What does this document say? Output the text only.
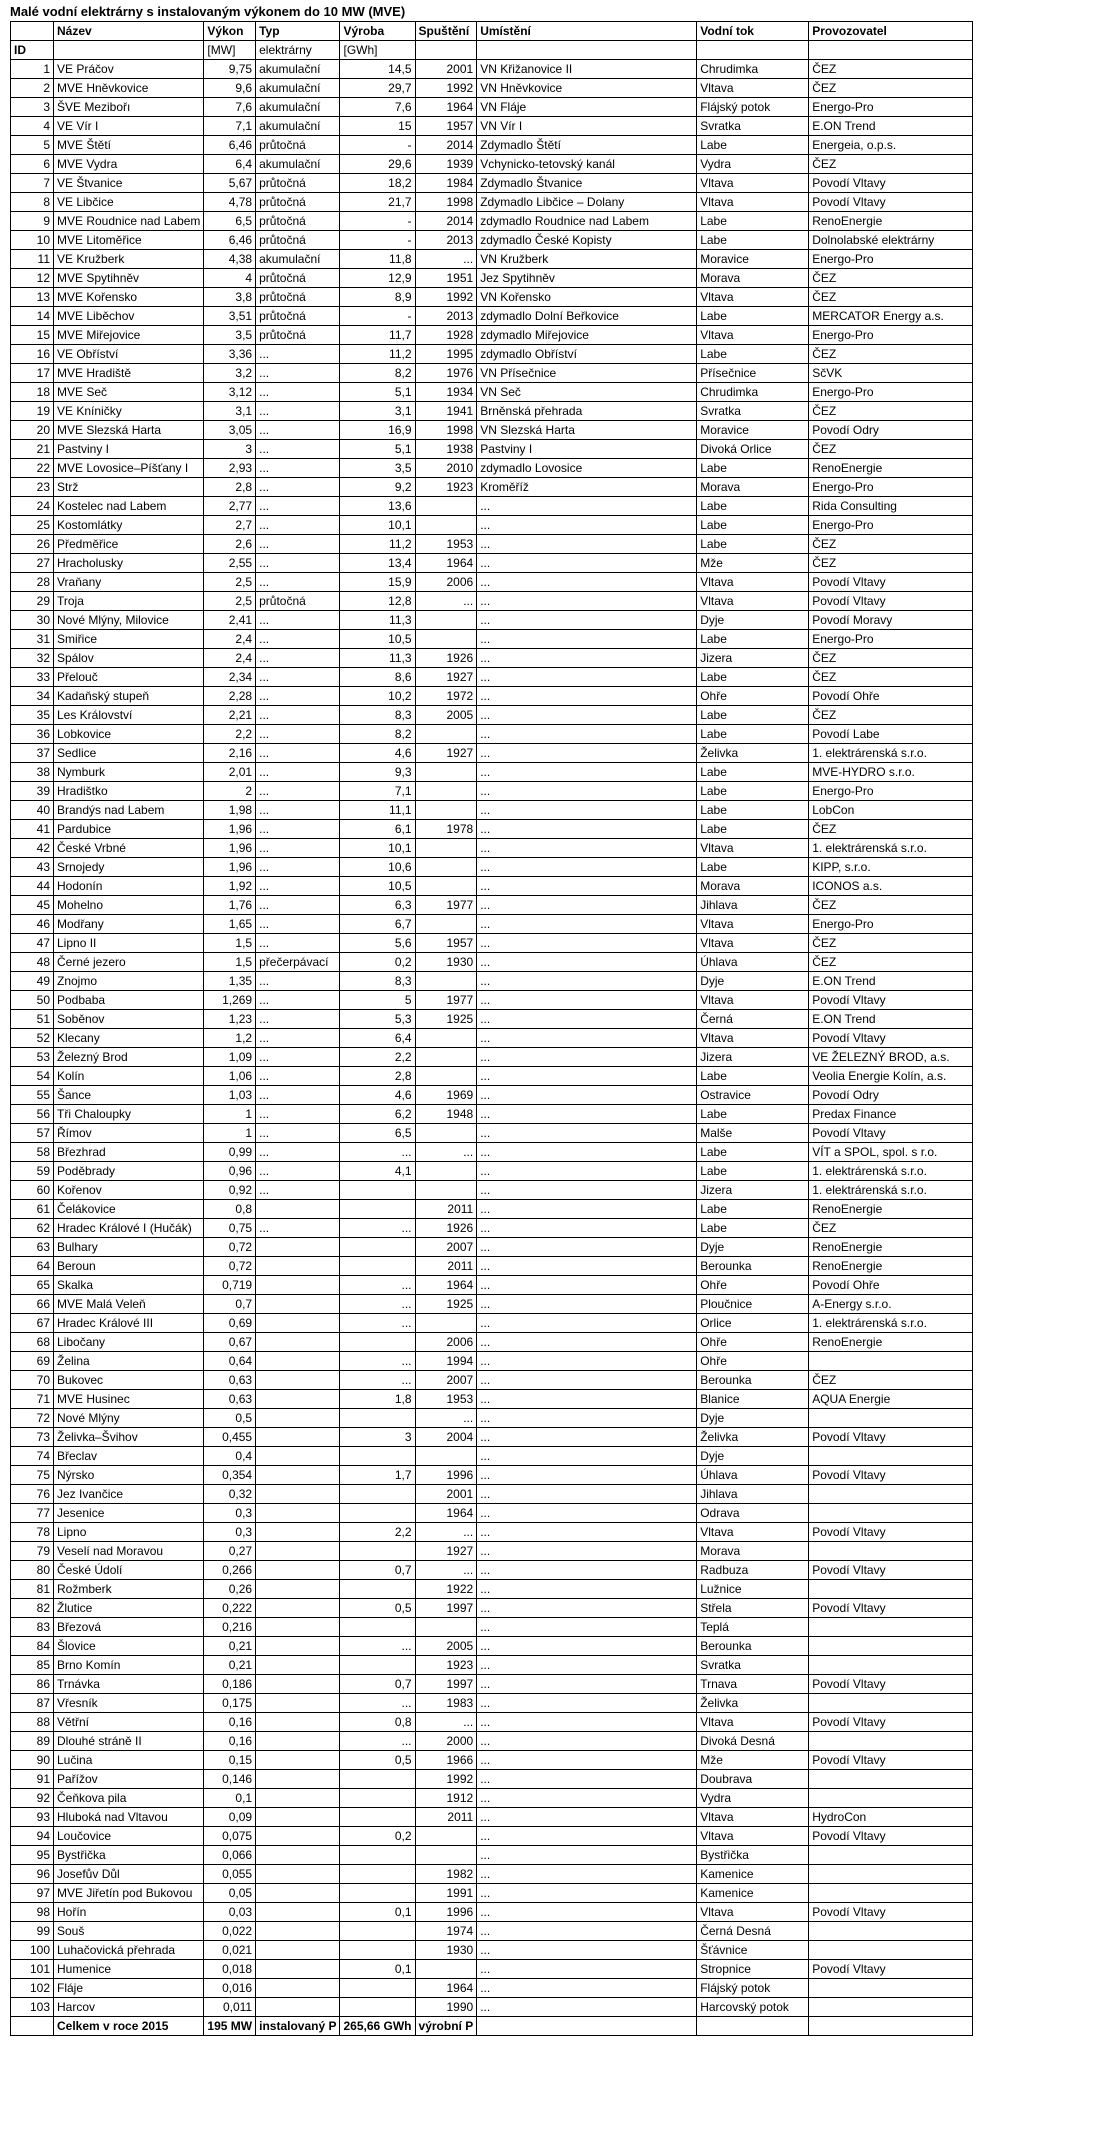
Malé vodní elektrárny s instalovaným výkonem do 10 MW (MVE)
	Název	Výkon	Typ	Výroba	Spuštění	Umístění	Vodní tok	Provozovatel
ID		[MW]	elektrárny	[GWh]				
1	VE Práčov	9,75	akumulační	14,5	2001	VN Křižanovice II	Chrudimka	ČEZ
2	MVE Hněvkovice	9,6	akumulační	29,7	1992	VN Hněvkovice	Vltava	ČEZ
3	ŠVE Mezibořı	7,6	akumulační	7,6	1964	VN Fláje	Flájský potok	Energo-Pro
4	VE Vír I	7,1	akumulační	15	1957	VN Vír I	Svratka	E.ON Trend
5	MVE Štětí	6,46	průtočná	-	2014	Zdymadlo Štětí	Labe	Energeia, o.p.s.
6	MVE Vydra	6,4	akumulační	29,6	1939	Vchynicko-tetovský kanál	Vydra	ČEZ
7	VE Štvanice	5,67	průtočná	18,2	1984	Zdymadlo Štvanice	Vltava	Povodí Vltavy
8	VE Libčice	4,78	průtočná	21,7	1998	Zdymadlo Libčice – Dolany	Vltava	Povodí Vltavy
9	MVE Roudnice nad Labem	6,5	průtočná	-	2014	zdymadlo Roudnice nad Labem	Labe	RenoEnergie
10	MVE Litoměřice	6,46	průtočná	-	2013	zdymadlo České Kopisty	Labe	Dolnolabské elektrárny
11	VE Kružberk	4,38	akumulační	11,8	...	VN Kružberk	Moravice	Energo-Pro
12	MVE Spytihněv	4	průtočná	12,9	1951	Jez Spytihněv	Morava	ČEZ
13	MVE Kořensko	3,8	průtočná	8,9	1992	VN Kořensko	Vltava	ČEZ
14	MVE Liběchov	3,51	průtočná	-	2013	zdymadlo Dolní Beřkovice	Labe	MERCATOR Energy a.s.
15	MVE Miřejovice	3,5	průtočná	11,7	1928	zdymadlo Miřejovice	Vltava	Energo-Pro
16	VE Obříství	3,36	...	11,2	1995	zdymadlo Obříství	Labe	ČEZ
17	MVE Hradiště	3,2	...	8,2	1976	VN Přísečnice	Přísečnice	SčVK
18	MVE Seč	3,12	...	5,1	1934	VN Seč	Chrudimka	Energo-Pro
19	VE Kníničky	3,1	...	3,1	1941	Brněnská přehrada	Svratka	ČEZ
20	MVE Slezská Harta	3,05	...	16,9	1998	VN Slezská Harta	Moravice	Povodí Odry
21	Pastviny I	3	...	5,1	1938	Pastviny I	Divoká Orlice	ČEZ
22	MVE Lovosice–Píšťany I	2,93	...	3,5	2010	zdymadlo Lovosice	Labe	RenoEnergie
23	Strž	2,8	...	9,2	1923	Kroměříž	Morava	Energo-Pro
24	Kostelec nad Labem	2,77	...	13,6		...	Labe	Rida Consulting
25	Kostomlátky	2,7	...	10,1		...	Labe	Energo-Pro
26	Předměřice	2,6	...	11,2	1953	...	Labe	ČEZ
27	Hracholusky	2,55	...	13,4	1964	...	Mže	ČEZ
28	Vraňany	2,5	...	15,9	2006	...	Vltava	Povodí Vltavy
29	Troja	2,5	průtočná	12,8	...	...	Vltava	Povodí Vltavy
30	Nové Mlýny, Milovice	2,41	...	11,3		...	Dyje	Povodí Moravy
31	Smiřice	2,4	...	10,5		...	Labe	Energo-Pro
32	Spálov	2,4	...	11,3	1926	...	Jizera	ČEZ
33	Přelouč	2,34	...	8,6	1927	...	Labe	ČEZ
34	Kadaňský stupeň	2,28	...	10,2	1972	...	Ohře	Povodí Ohře
35	Les Království	2,21	...	8,3	2005	...	Labe	ČEZ
36	Lobkovice	2,2	...	8,2		...	Labe	Povodí Labe
37	Sedlice	2,16	...	4,6	1927	...	Želivka	1. elektrárenská s.r.o.
38	Nymburk	2,01	...	9,3		...	Labe	MVE-HYDRO s.r.o.
39	Hradištko	2	...	7,1		...	Labe	Energo-Pro
40	Brandýs nad Labem	1,98	...	11,1		...	Labe	LobCon
41	Pardubice	1,96	...	6,1	1978	...	Labe	ČEZ
42	České Vrbné	1,96	...	10,1		...	Vltava	1. elektrárenská s.r.o.
43	Srnojedy	1,96	...	10,6		...	Labe	KIPP, s.r.o.
44	Hodonín	1,92	...	10,5		...	Morava	ICONOS a.s.
45	Mohelno	1,76	...	6,3	1977	...	Jihlava	ČEZ
46	Modřany	1,65	...	6,7		...	Vltava	Energo-Pro
47	Lipno II	1,5	...	5,6	1957	...	Vltava	ČEZ
48	Černé jezero	1,5	přečerpávací	0,2	1930	...	Úhlava	ČEZ
49	Znojmo	1,35	...	8,3		...	Dyje	E.ON Trend
50	Podbaba	1,269	...	5	1977	...	Vltava	Povodí Vltavy
51	Soběnov	1,23	...	5,3	1925	...	Černá	E.ON Trend
52	Klecany	1,2	...	6,4		...	Vltava	Povodí Vltavy
53	Železný Brod	1,09	...	2,2		...	Jizera	VE ŽELEZNÝ BROD, a.s.
54	Kolín	1,06	...	2,8		...	Labe	Veolia Energie Kolín, a.s.
55	Šance	1,03	...	4,6	1969	...	Ostravice	Povodí Odry
56	Tři Chaloupky	1	...	6,2	1948	...	Labe	Predax Finance
57	Římov	1	...	6,5		...	Malše	Povodí Vltavy
58	Březhrad	0,99	...	...	...	...	Labe	VÍT a SPOL, spol. s r.o.
59	Poděbrady	0,96	...	4,1		...	Labe	1. elektrárenská s.r.o.
60	Kořenov	0,92	...			...	Jizera	1. elektrárenská s.r.o.
61	Čelákovice	0,8			2011	...	Labe	RenoEnergie
62	Hradec Králové I (Hučák)	0,75	...	...	1926	...	Labe	ČEZ
63	Bulhary	0,72			2007	...	Dyje	RenoEnergie
64	Beroun	0,72			2011	...	Berounka	RenoEnergie
65	Skalka	0,719		...	1964	...	Ohře	Povodí Ohře
66	MVE Malá Veleň	0,7		...	1925	...	Ploučnice	A-Energy s.r.o.
67	Hradec Králové III	0,69		...		...	Orlice	1. elektrárenská s.r.o.
68	Libočany	0,67			2006	...	Ohře	RenoEnergie
69	Želina	0,64		...	1994	...	Ohře	
70	Bukovec	0,63		...	2007	...	Berounka	ČEZ
71	MVE Husinec	0,63		1,8	1953	...	Blanice	AQUA Energie
72	Nové Mlýny	0,5			...	...	Dyje	
73	Želivka–Švihov	0,455		3	2004	...	Želivka	Povodí Vltavy
74	Břeclav	0,4				...	Dyje	
75	Nýrsko	0,354		1,7	1996	...	Úhlava	Povodí Vltavy
76	Jez Ivančice	0,32			2001	...	Jihlava	
77	Jesenice	0,3			1964	...	Odrava	
78	Lipno	0,3		2,2	...	...	Vltava	Povodí Vltavy
79	Veselí nad Moravou	0,27			1927	...	Morava	
80	České Údolí	0,266		0,7	...	...	Radbuza	Povodí Vltavy
81	Rožmberk	0,26			1922	...	Lužnice	
82	Žlutice	0,222		0,5	1997	...	Střela	Povodí Vltavy
83	Březová	0,216				...	Teplá	
84	Šlovice	0,21		...	2005	...	Berounka	
85	Brno Komín	0,21			1923	...	Svratka	
86	Trnávka	0,186		0,7	1997	...	Trnava	Povodí Vltavy
87	Vřesník	0,175		...	1983	...	Želivka	
88	Větřní	0,16		0,8	...	...	Vltava	Povodí Vltavy
89	Dlouhé stráně II	0,16		...	2000	...	Divoká Desná	
90	Lučina	0,15		0,5	1966	...	Mže	Povodí Vltavy
91	Pařížov	0,146			1992	...	Doubrava	
92	Čeňkova pila	0,1			1912	...	Vydra	
93	Hluboká nad Vltavou	0,09			2011	...	Vltava	HydroCon
94	Loučovice	0,075		0,2		...	Vltava	Povodí Vltavy
95	Bystřička	0,066				...	Bystřička	
96	Josefův Důl	0,055			1982	...	Kamenice	
97	MVE Jiřetín pod Bukovou	0,05			1991	...	Kamenice	
98	Hořín	0,03		0,1	1996	...	Vltava	Povodí Vltavy
99	Souš	0,022			1974	...	Černá Desná	
100	Luhačovická přehrada	0,021			1930	...	Šťávnice	
101	Humenice	0,018		0,1		...	Stropnice	Povodí Vltavy
102	Fláje	0,016			1964	...	Flájský potok	
103	Harcov	0,011			1990	...	Harcovský potok	
	Celkem v roce 2015	195 MW	instalovaný P	265,66 GWh	výrobní P			
